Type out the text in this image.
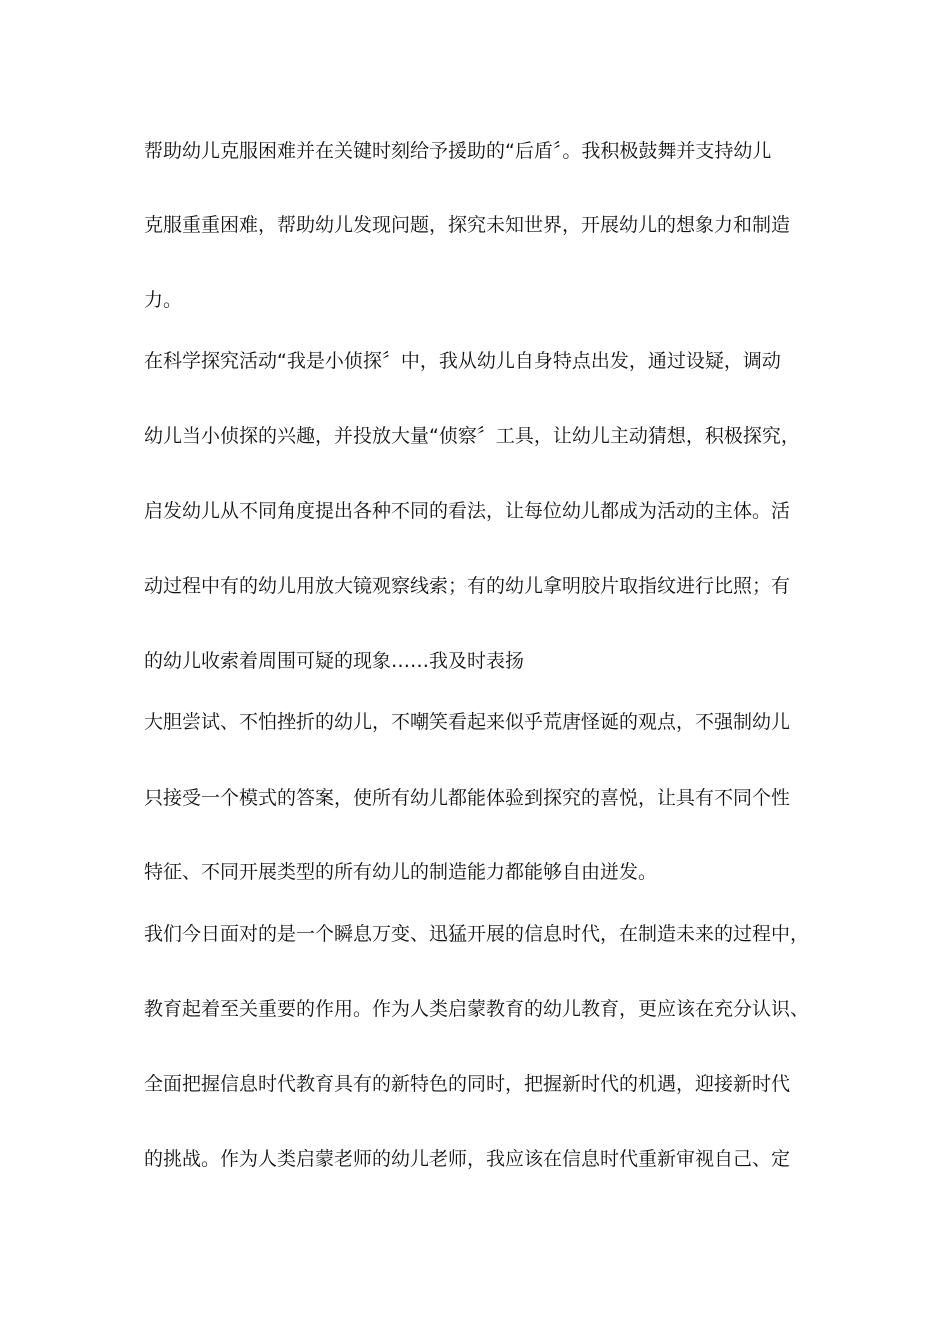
帮助幼儿克服困难并在关键时刻给予援助的“后盾〞。我积极鼓舞并支持幼儿
克服重重困难，帮助幼儿发现问题，探究未知世界，开展幼儿的想象力和制造
力。
在科学探究活动“我是小侦探〞中，我从幼儿自身特点出发，通过设疑，调动
幼儿当小侦探的兴趣，并投放大量“侦察〞工具，让幼儿主动猜想，积极探究，
启发幼儿从不同角度提出各种不同的看法，让每位幼儿都成为活动的主体。活
动过程中有的幼儿用放大镜观察线索；有的幼儿拿明胶片取指纹进行比照；有
的幼儿收索着周围可疑的现象……我及时表扬
大胆尝试、不怕挫折的幼儿，不嘲笑看起来似乎荒唐怪诞的观点，不强制幼儿
只接受一个模式的答案，使所有幼儿都能体验到探究的喜悦，让具有不同个性
特征、不同开展类型的所有幼儿的制造能力都能够自由迸发。
我们今日面对的是一个瞬息万变、迅猛开展的信息时代，在制造未来的过程中，
教育起着至关重要的作用。作为人类启蒙教育的幼儿教育，更应该在充分认识、
全面把握信息时代教育具有的新特色的同时，把握新时代的机遇，迎接新时代
的挑战。作为人类启蒙老师的幼儿老师，我应该在信息时代重新审视自己、定
